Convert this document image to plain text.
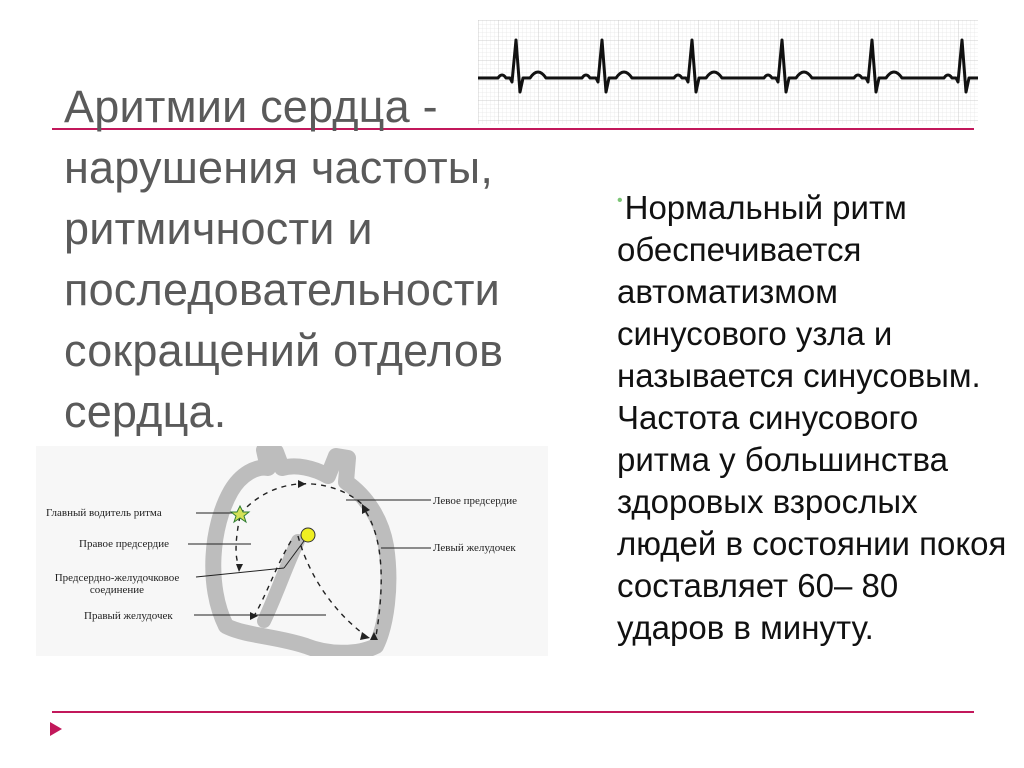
Аритмии сердца -
нарушения частоты,
ритмичности и
последовательности
сокращений отделов
сердца.
•Нормальный ритм обеспечивается автоматизмом синусового узла и называется синусовым. Частота синусового ритма у большинства здоровых взрослых людей в состоянии покоя составляет 60– 80 ударов в минуту.
Главный водитель ритма
Правое предсердие
Предсердно-желудочковое
соединение
Правый желудочек
Левое предсердие
Левый желудочек
